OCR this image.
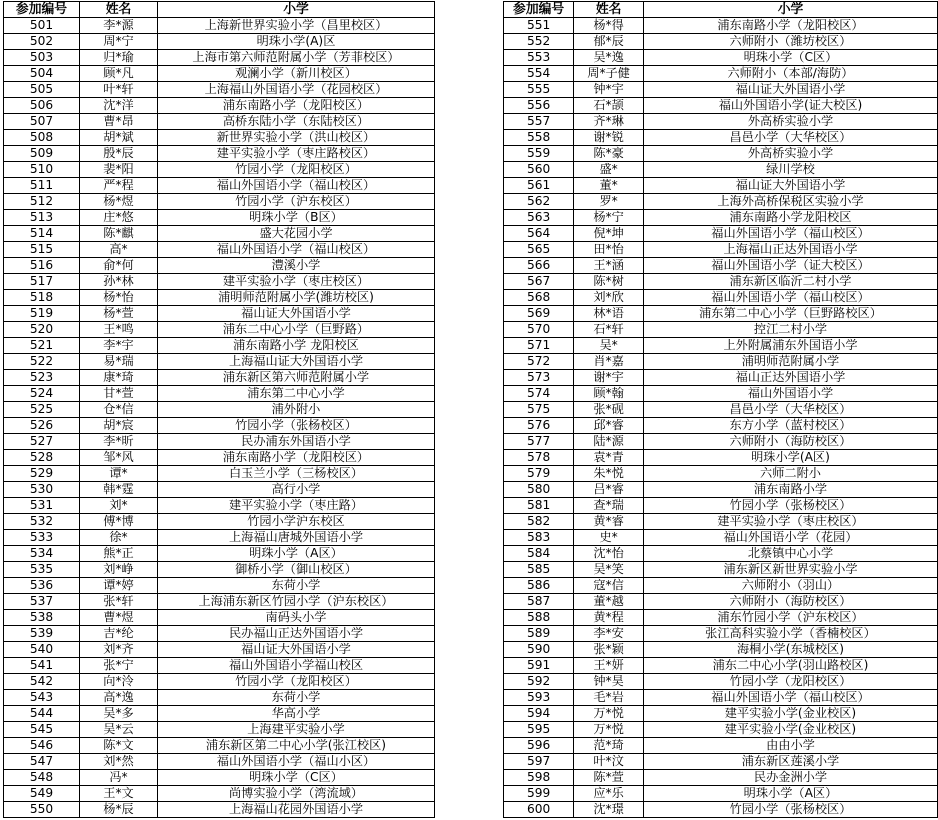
参加编号	姓名	小学
501	李*源	上海新世界实验小学（昌里校区）
502	周*宁	明珠小学(A)区
503	归*瑜	上海市第六师范附属小学（芳菲校区）
504	顾*凡	观澜小学（新川校区）
505	叶*轩	上海福山外国语小学（花园校区）
506	沈*洋	浦东南路小学（龙阳校区）
507	曹*昂	高桥东陆小学（东陆校区）
508	胡*斌	新世界实验小学（洪山校区）
509	殷*辰	建平实验小学（枣庄路校区）
510	裴*阳	竹园小学（龙阳校区）
511	严*程	福山外国语小学（福山校区）
512	杨*煜	竹园小学（沪东校区）
513	庄*悠	明珠小学（B区）
514	陈*麒	盛大花园小学
515	高*	福山外国语小学（福山校区）
516	俞*何	澧溪小学
517	孙*林	建平实验小学（枣庄校区）
518	杨*怡	浦明师范附属小学(潍坊校区)
519	杨*萱	福山证大外国语小学
520	王*鸣	浦东二中心小学（巨野路）
521	李*宇	浦东南路小学 龙阳校区
522	易*瑞	上海福山证大外国语小学
523	康*琦	浦东新区第六师范附属小学
524	甘*萱	浦东第二中心小学
525	仓*信	浦外附小
526	胡*宸	竹园小学（张杨校区）
527	李*昕	民办浦东外国语小学
528	邹*风	浦东南路小学（龙阳校区）
529	谭*	白玉兰小学（三杨校区）
530	韩*霆	高行小学
531	刘*	建平实验小学（枣庄路）
532	傅*博	竹园小学沪东校区
533	徐*	上海福山唐城外国语小学
534	熊*正	明珠小学（A区）
535	刘*峥	御桥小学（御山校区）
536	谭*婷	东荷小学
537	张*轩	上海浦东新区竹园小学（沪东校区）
538	曹*煜	南码头小学
539	吉*纶	民办福山正达外国语小学
540	刘*齐	福山证大外国语小学
541	张*宁	福山外国语小学福山校区
542	向*泠	竹园小学（龙阳校区）
543	高*逸	东荷小学
544	吴*多	华高小学
545	吴*云	上海建平实验小学
546	陈*文	浦东新区第二中心小学(张江校区)
547	刘*然	福山外国语小学（福山小区）
548	冯*	明珠小学（C区）
549	王*文	尚博实验小学（湾流域）
550	杨*辰	上海福山花园外国语小学
参加编号	姓名	小学
551	杨*得	浦东南路小学（龙阳校区）
552	郁*辰	六师附小（潍坊校区）
553	吴*逸	明珠小学（C区）
554	周*子健	六师附小（本部/海防）
555	钟*宇	福山证大外国语小学
556	石*颉	福山外国语小学(证大校区)
557	齐*琳	外高桥实验小学
558	谢*锐	昌邑小学（大华校区）
559	陈*豪	外高桥实验小学
560	盛*	绿川学校
561	董*	福山证大外国语小学
562	罗*	上海外高桥保税区实验小学
563	杨*宁	浦东南路小学龙阳校区
564	倪*坤	福山外国语小学（福山校区）
565	田*怡	上海福山正达外国语小学
566	王*涵	福山外国语小学（证大校区）
567	陈*树	浦东新区临沂二村小学
568	刘*欣	福山外国语小学（福山校区）
569	林*语	浦东第二中心小学（巨野路校区）
570	石*轩	控江二村小学
571	吴*	上外附属浦东外国语小学
572	肖*嘉	浦明师范附属小学
573	谢*宇	福山正达外国语小学
574	顾*翰	福山外国语小学
575	张*砚	昌邑小学（大华校区）
576	邱*睿	东方小学（蓝村校区）
577	陆*源	六师附小（海防校区）
578	袁*青	明珠小学(A区)
579	朱*悦	六师二附小
580	吕*睿	浦东南路小学
581	查*瑞	竹园小学（张杨校区）
582	黄*睿	建平实验小学（枣庄校区）
583	史*	福山外国语小学（花园）
584	沈*怡	北蔡镇中心小学
585	吴*笑	浦东新区新世界实验小学
586	寇*信	六师附小（羽山）
587	董*越	六师附小（海防校区）
588	黄*程	浦东竹园小学（沪东校区）
589	李*安	张江高科实验小学（香楠校区）
590	张*颖	海桐小学(东城校区)
591	王*妍	浦东二中心小学(羽山路校区)
592	钟*昊	竹园小学（龙阳校区）
593	毛*岩	福山外国语小学（福山校区）
594	万*悦	建平实验小学(金业校区)
595	万*悦	建平实验小学(金业校区)
596	范*琦	由由小学
597	叶*汶	浦东新区莲溪小学
598	陈*萱	民办金洲小学
599	应*乐	明珠小学（A区）
600	沈*璟	竹园小学（张杨校区）
